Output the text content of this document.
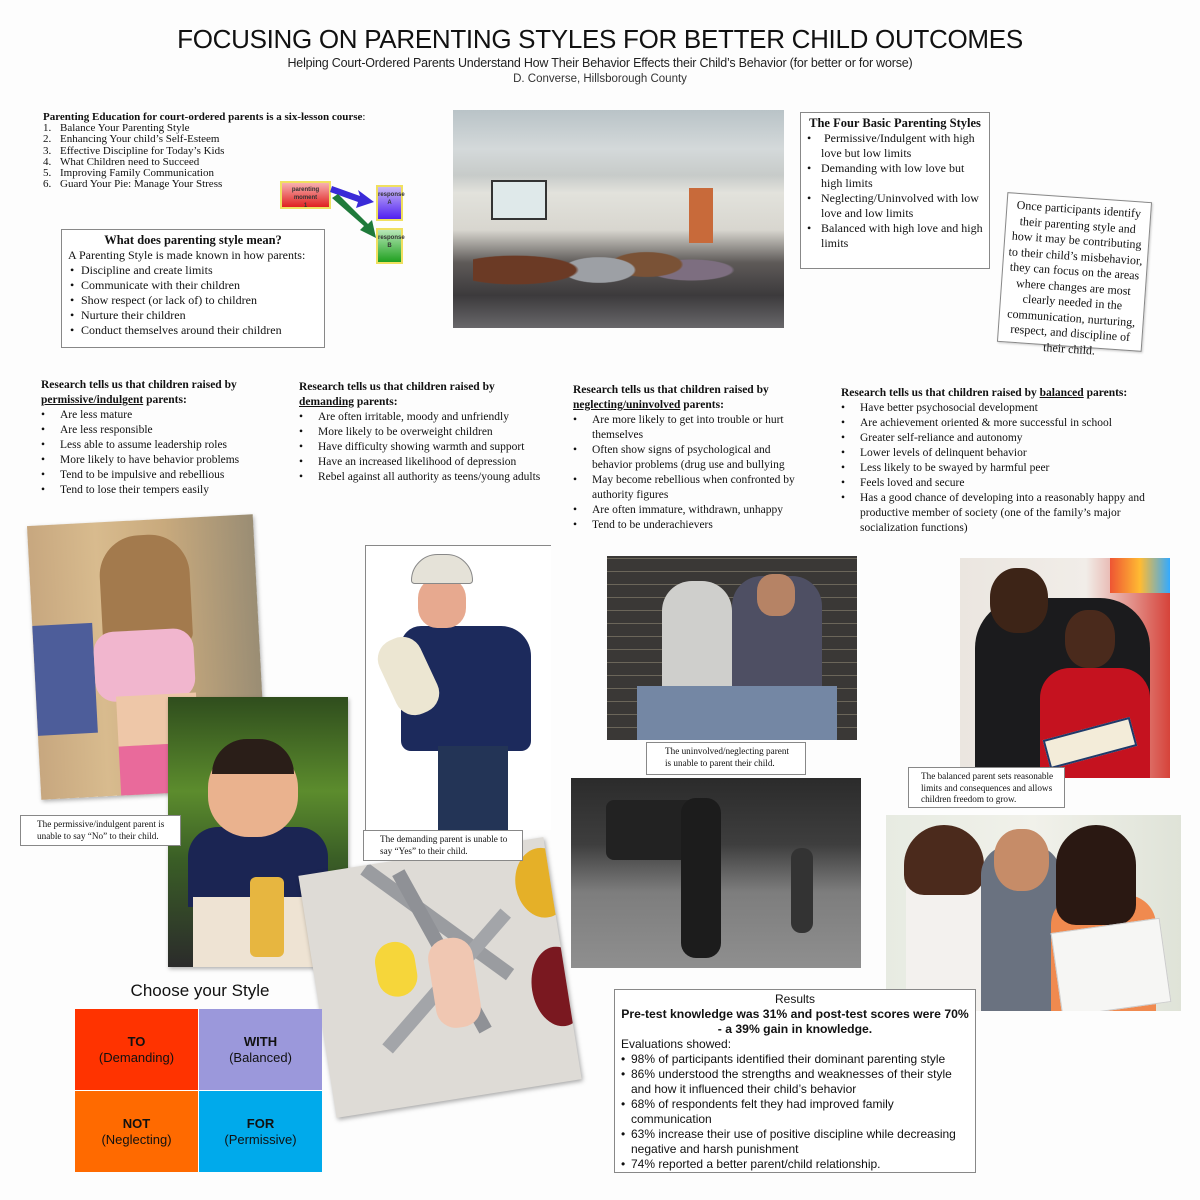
FOCUSING ON PARENTING STYLES FOR BETTER CHILD OUTCOMES
Helping Court-Ordered Parents Understand How Their Behavior Effects their Child’s Behavior (for better or for worse)
D. Converse, Hillsborough County
Parenting Education for court-ordered parents is a six-lesson course:
1. Balance Your Parenting Style
2. Enhancing Your child’s Self-Esteem
3. Effective Discipline for Today’s Kids
4. What Children need to Succeed
5. Improving Family Communication
6. Guard Your Pie: Manage Your Stress	parenting moment
1
response
A
response
B
What does parenting style mean?
A Parenting Style is made known in how parents:
• Discipline and create limits
• Communicate with their children
• Show respect (or lack of) to children
• Nurture their children
• Conduct themselves around their children
The Four Basic Parenting Styles
• Permissive/Indulgent with high love but low limits
• Demanding with low love but high limits
• Neglecting/Uninvolved with low love and low limits
• Balanced with high love and high limits
Once participants identify their parenting style and how it may be contributing to their child’s misbehavior, they can focus on the areas where changes are most clearly needed in the communication, nurturing, respect, and discipline of their child.
Research tells us that children raised by permissive/indulgent parents:
• Are less mature
• Are less responsible
• Less able to assume leadership roles
• More likely to have behavior problems
• Tend to be impulsive and rebellious
• Tend to lose their tempers easily
Research tells us that children raised by demanding parents:
• Are often irritable, moody and unfriendly
• More likely to be overweight children
• Have difficulty showing warmth and support
• Have an increased likelihood of depression
• Rebel against all authority as teens/young adults
Research tells us that children raised by neglecting/uninvolved parents:
• Are more likely to get into trouble or hurt themselves
• Often show signs of psychological and behavior problems (drug use and bullying
• May become rebellious when confronted by authority figures
• Are often immature, withdrawn, unhappy
• Tend to be underachievers
Research tells us that children raised by balanced parents:
• Have better psychosocial development
• Are achievement oriented & more successful in school
• Greater self-reliance and autonomy
• Lower levels of delinquent behavior
• Less likely to be swayed by harmful peer
• Feels loved and secure
• Has a good chance of developing into a reasonably happy and productive member of society (one of the family’s major socialization functions)
The permissive/indulgent parent is unable to say “No” to their child.	The demanding parent is unable to say “Yes” to their child.
The uninvolved/neglecting parent is unable to parent their child.
The balanced parent sets reasonable limits and consequences and allows children freedom to grow.
Choose your Style
TO
(Demanding)
WITH
(Balanced)
NOT
(Neglecting)
FOR
(Permissive)
Results
Pre-test knowledge was 31% and post-test scores were 70% - a 39% gain in knowledge.
Evaluations showed:
• 98% of participants identified their dominant parenting style
• 86% understood the strengths and weaknesses of their style and how it influenced their child’s behavior
• 68% of respondents felt they had improved family communication
• 63% increase their use of positive discipline while decreasing negative and harsh punishment
• 74% reported a better parent/child relationship.
